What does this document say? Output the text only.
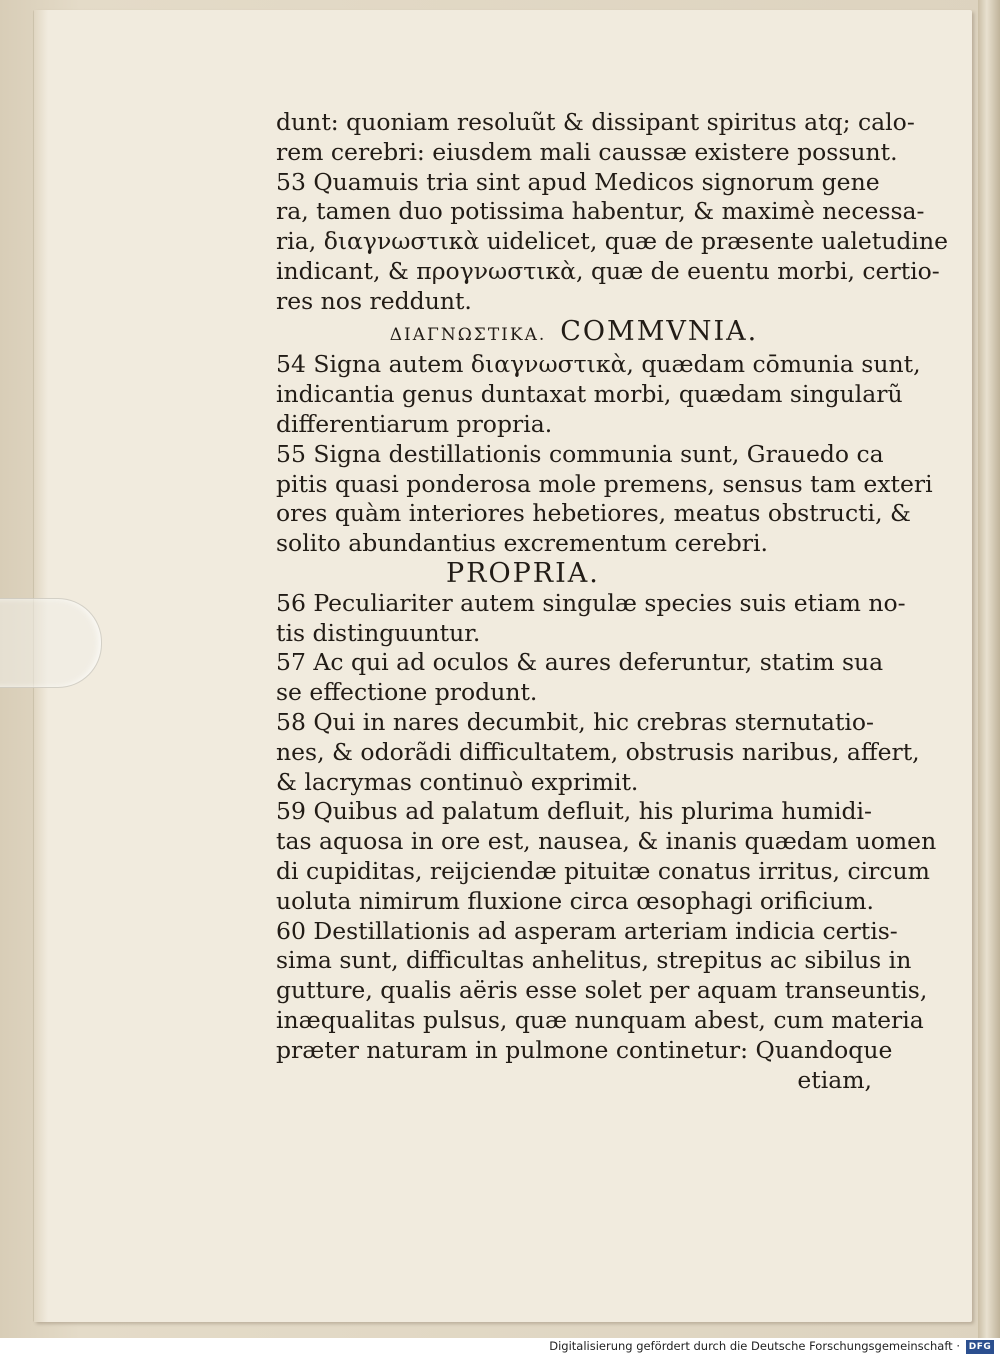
dunt: quoniam resoluũt & dissipant spiritus atq; calo-
rem cerebri: eiusdem mali caussæ existere possunt.
53 Quamuis tria sint apud Medicos signorum gene
ra, tamen duo potissima habentur, & maximè necessa-
ria, διαγνωστικὰ uidelicet, quæ de præsente ualetudine
indicant, & προγνωστικὰ, quæ de euentu morbi, certio-
res nos reddunt.
ΔΙΑΓΝΩΣΤΙΚΑ. COMMVNIA.
54 Signa autem διαγνωστικὰ, quædam cōmunia sunt,
indicantia genus duntaxat morbi, quædam singularũ
differentiarum propria.
55 Signa destillationis communia sunt, Grauedo ca
pitis quasi ponderosa mole premens, sensus tam exteri
ores quàm interiores hebetiores, meatus obstructi, &
solito abundantius excrementum cerebri.
PROPRIA.
56 Peculiariter autem singulæ species suis etiam no-
tis distinguuntur.
57 Ac qui ad oculos & aures deferuntur, statim sua
se effectione produnt.
58 Qui in nares decumbit, hic crebras sternutatio-
nes, & odorãdi difficultatem, obstrusis naribus, affert,
& lacrymas continuò exprimit.
59 Quibus ad palatum defluit, his plurima humidi-
tas aquosa in ore est, nausea, & inanis quædam uomen
di cupiditas, reijciendæ pituitæ conatus irritus, circum
uoluta nimirum fluxione circa œsophagi orificium.
60 Destillationis ad asperam arteriam indicia certis-
sima sunt, difficultas anhelitus, strepitus ac sibilus in
gutture, qualis aëris esse solet per aquam transeuntis,
inæqualitas pulsus, quæ nunquam abest, cum materia
præter naturam in pulmone continetur: Quandoque
etiam,
Digitalisierung gefördert durch die Deutsche Forschungsgemeinschaft · DFG
